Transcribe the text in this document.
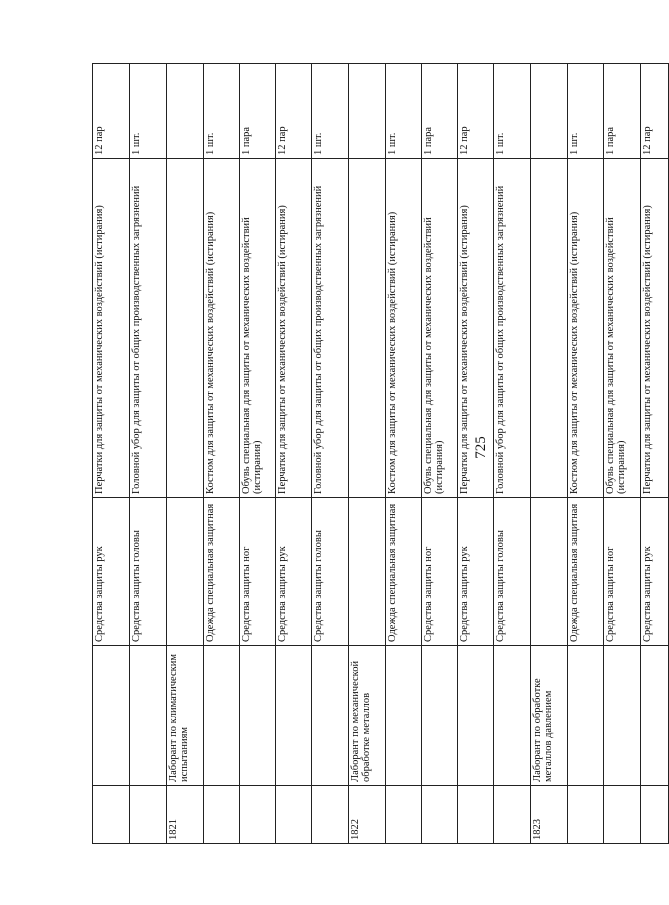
725
		Средства защиты рук	Перчатки для защиты от механических воздействий (истирания)	12 пар
		Средства защиты головы	Головной убор для защиты от общих производственных загрязнений	1 шт.
1821	Лаборант по климатическим испытаниям			
		Одежда специальная защитная	Костюм для защиты от механических воздействий (истирания)	1 шт.
		Средства защиты ног	Обувь специальная для защиты от механических воздействий (истирания)	1 пара
		Средства защиты рук	Перчатки для защиты от механических воздействий (истирания)	12 пар
		Средства защиты головы	Головной убор для защиты от общих производственных загрязнений	1 шт.
1822	Лаборант по механической обработке металлов			
		Одежда специальная защитная	Костюм для защиты от механических воздействий (истирания)	1 шт.
		Средства защиты ног	Обувь специальная для защиты от механических воздействий (истирания)	1 пара
		Средства защиты рук	Перчатки для защиты от механических воздействий (истирания)	12 пар
		Средства защиты головы	Головной убор для защиты от общих производственных загрязнений	1 шт.
1823	Лаборант по обработке металлов давлением			
		Одежда специальная защитная	Костюм для защиты от механических воздействий (истирания)	1 шт.
		Средства защиты ног	Обувь специальная для защиты от механических воздействий (истирания)	1 пара
		Средства защиты рук	Перчатки для защиты от механических воздействий (истирания)	12 пар
